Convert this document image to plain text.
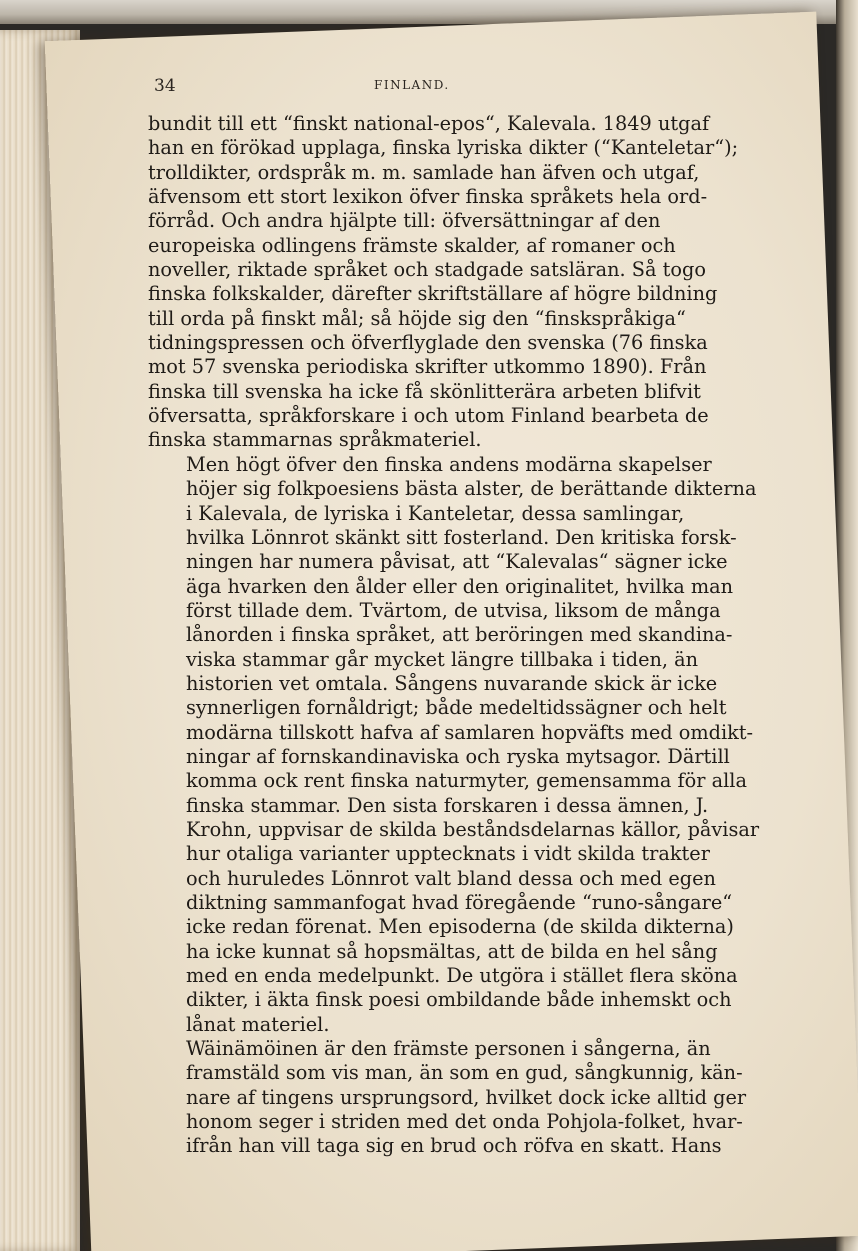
34	FINLAND.

bundit till ett “finskt national-epos“, Kalevala. 1849 utgaf
han en förökad upplaga, finska lyriska dikter (“Kanteletar“);
trolldikter, ordspråk m. m. samlade han äfven och utgaf,
äfvensom ett stort lexikon öfver finska språkets hela ord-
förråd. Och andra hjälpte till: öfversättningar af den
europeiska odlingens främste skalder, af romaner och
noveller, riktade språket och stadgade satsläran. Så togo
finska folkskalder, därefter skriftställare af högre bildning
till orda på finskt mål; så höjde sig den “finskspråkiga“
tidningspressen och öfverflyglade den svenska (76 finska
mot 57 svenska periodiska skrifter utkommo 1890). Från
finska till svenska ha icke få skönlitterära arbeten blifvit
öfversatta, språkforskare i och utom Finland bearbeta de
finska stammarnas språkmateriel.

Men högt öfver den finska andens modärna skapelser
höjer sig folkpoesiens bästa alster, de berättande dikterna
i Kalevala, de lyriska i Kanteletar, dessa samlingar,
hvilka Lönnrot skänkt sitt fosterland. Den kritiska forsk-
ningen har numera påvisat, att “Kalevalas“ sägner icke
äga hvarken den ålder eller den originalitet, hvilka man
först tillade dem. Tvärtom, de utvisa, liksom de många
lånorden i finska språket, att beröringen med skandina-
viska stammar går mycket längre tillbaka i tiden, än
historien vet omtala. Sångens nuvarande skick är icke
synnerligen fornåldrigt; både medeltidssägner och helt
modärna tillskott hafva af samlaren hopväfts med omdikt-
ningar af fornskandinaviska och ryska mytsagor. Därtill
komma ock rent finska naturmyter, gemensamma för alla
finska stammar. Den sista forskaren i dessa ämnen, J.
Krohn, uppvisar de skilda beståndsdelarnas källor, påvisar
hur otaliga varianter upptecknats i vidt skilda trakter
och huruledes Lönnrot valt bland dessa och med egen
diktning sammanfogat hvad föregående “runo-sångare“
icke redan förenat. Men episoderna (de skilda dikterna)
ha icke kunnat så hopsmältas, att de bilda en hel sång
med en enda medelpunkt. De utgöra i stället flera sköna
dikter, i äkta finsk poesi ombildande både inhemskt och
lånat materiel.

Wäinämöinen är den främste personen i sångerna, än
framstäld som vis man, än som en gud, sångkunnig, kän-
nare af tingens ursprungsord, hvilket dock icke alltid ger
honom seger i striden med det onda Pohjola-folket, hvar-
ifrån han vill taga sig en brud och röfva en skatt. Hans
